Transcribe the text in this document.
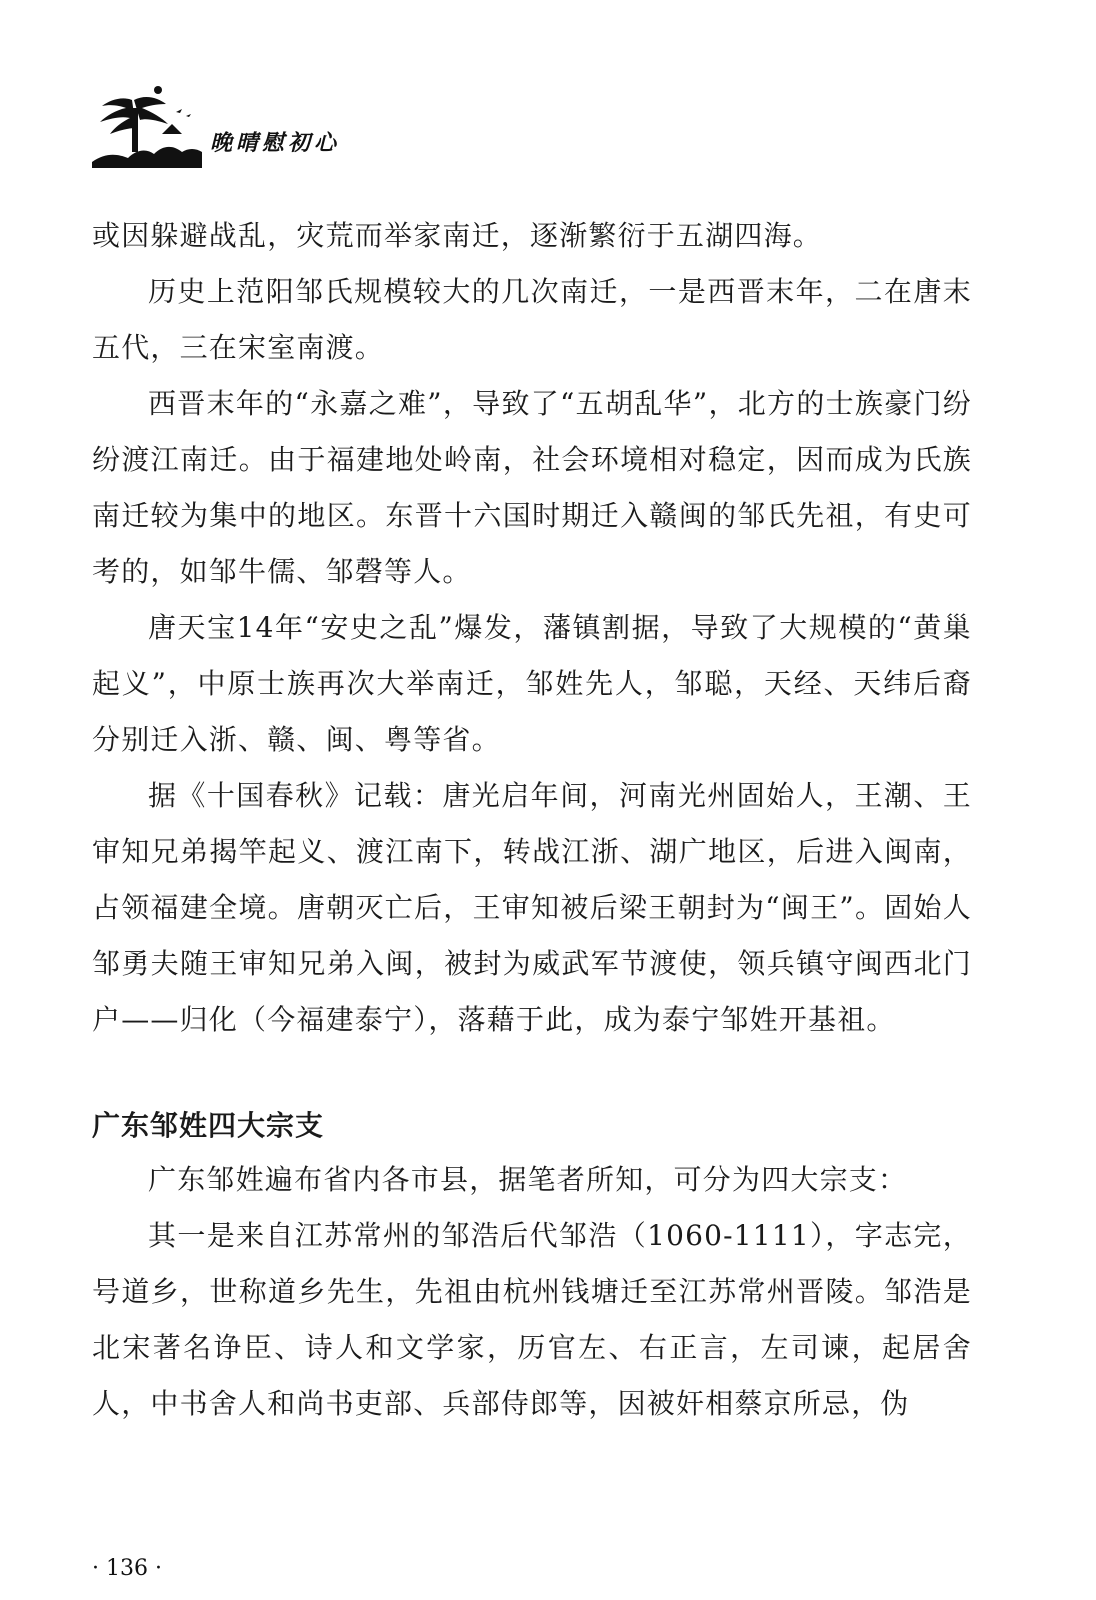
晚晴慰初心

或因躲避战乱，灾荒而举家南迁，逐渐繁衍于五湖四海。

历史上范阳邹氏规模较大的几次南迁，一是西晋末年，二在唐末五代，三在宋室南渡。

西晋末年的“永嘉之难”，导致了“五胡乱华”，北方的士族豪门纷纷渡江南迁。由于福建地处岭南，社会环境相对稳定，因而成为氏族南迁较为集中的地区。东晋十六国时期迁入赣闽的邹氏先祖，有史可考的，如邹牛儒、邹磬等人。

唐天宝14年“安史之乱”爆发，藩镇割据，导致了大规模的“黄巢起义”，中原士族再次大举南迁，邹姓先人，邹聪，天经、天纬后裔分别迁入浙、赣、闽、粤等省。

据《十国春秋》记载：唐光启年间，河南光州固始人，王潮、王审知兄弟揭竿起义、渡江南下，转战江浙、湖广地区，后进入闽南，占领福建全境。唐朝灭亡后，王审知被后梁王朝封为“闽王”。固始人邹勇夫随王审知兄弟入闽，被封为威武军节渡使，领兵镇守闽西北门户——归化（今福建泰宁），落藉于此，成为泰宁邹姓开基祖。

广东邹姓四大宗支

广东邹姓遍布省内各市县，据笔者所知，可分为四大宗支：

其一是来自江苏常州的邹浩后代邹浩（1060-1111），字志完，号道乡，世称道乡先生，先祖由杭州钱塘迁至江苏常州晋陵。邹浩是北宋著名诤臣、诗人和文学家，历官左、右正言，左司谏，起居舍人，中书舍人和尚书吏部、兵部侍郎等，因被奸相蔡京所忌，伪

· 136 ·
